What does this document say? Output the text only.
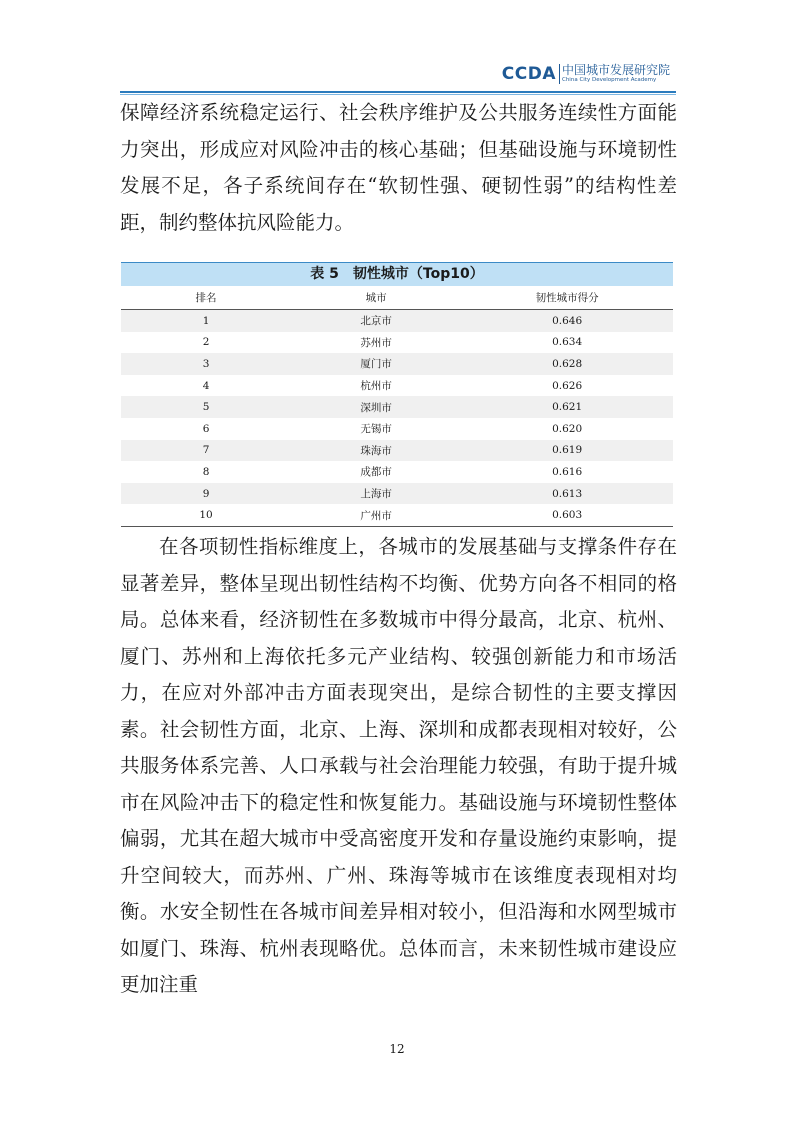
CCDA 中国城市发展研究院
China City Development Academy

保障经济系统稳定运行、社会秩序维护及公共服务连续性方面能力突出，形成应对风险冲击的核心基础；但基础设施与环境韧性发展不足，各子系统间存在“软韧性强、硬韧性弱”的结构性差距，制约整体抗风险能力。

表 5　韧性城市（Top10）
排名	城市	韧性城市得分
1	北京市	0.646
2	苏州市	0.634
3	厦门市	0.628
4	杭州市	0.626
5	深圳市	0.621
6	无锡市	0.620
7	珠海市	0.619
8	成都市	0.616
9	上海市	0.613
10	广州市	0.603

在各项韧性指标维度上，各城市的发展基础与支撑条件存在显著差异，整体呈现出韧性结构不均衡、优势方向各不相同的格局。总体来看，经济韧性在多数城市中得分最高，北京、杭州、厦门、苏州和上海依托多元产业结构、较强创新能力和市场活力，在应对外部冲击方面表现突出，是综合韧性的主要支撑因素。社会韧性方面，北京、上海、深圳和成都表现相对较好，公共服务体系完善、人口承载与社会治理能力较强，有助于提升城市在风险冲击下的稳定性和恢复能力。基础设施与环境韧性整体偏弱，尤其在超大城市中受高密度开发和存量设施约束影响，提升空间较大，而苏州、广州、珠海等城市在该维度表现相对均衡。水安全韧性在各城市间差异相对较小，但沿海和水网型城市如厦门、珠海、杭州表现略优。总体而言，未来韧性城市建设应更加注重

12
